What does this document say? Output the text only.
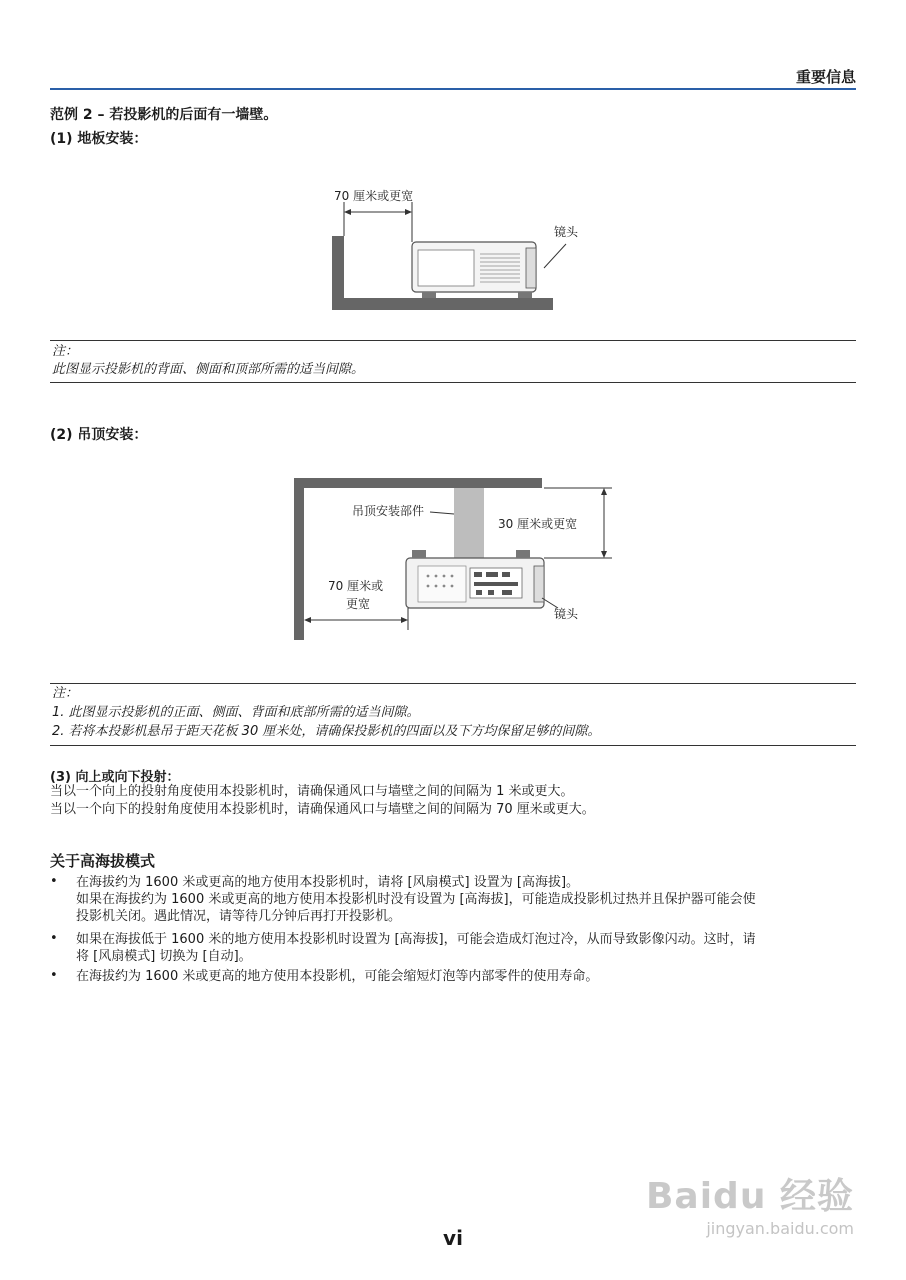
重要信息
范例 2 – 若投影机的后面有一墙壁。
(1) 地板安装：
70 厘米或更宽
镜头
注：
此图显示投影机的背面、侧面和顶部所需的适当间隙。
(2) 吊顶安装：
吊顶安装部件
30 厘米或更宽
70 厘米或
更宽
镜头
注：
1. 此图显示投影机的正面、侧面、背面和底部所需的适当间隙。
2. 若将本投影机悬吊于距天花板 30 厘米处，请确保投影机的四面以及下方均保留足够的间隙。
(3) 向上或向下投射：
当以一个向上的投射角度使用本投影机时，请确保通风口与墙壁之间的间隔为 1 米或更大。
当以一个向下的投射角度使用本投影机时，请确保通风口与墙壁之间的间隔为 70 厘米或更大。
关于高海拔模式
• 在海拔约为 1600 米或更高的地方使用本投影机时，请将 [风扇模式] 设置为 [高海拔]。
如果在海拔约为 1600 米或更高的地方使用本投影机时没有设置为 [高海拔]，可能造成投影机过热并且保护器可能会使
投影机关闭。遇此情况，请等待几分钟后再打开投影机。
• 如果在海拔低于 1600 米的地方使用本投影机时设置为 [高海拔]，可能会造成灯泡过冷，从而导致影像闪动。这时，请
将 [风扇模式] 切换为 [自动]。
• 在海拔约为 1600 米或更高的地方使用本投影机，可能会缩短灯泡等内部零件的使用寿命。
Baidu 经验
jingyan.baidu.com
vi
